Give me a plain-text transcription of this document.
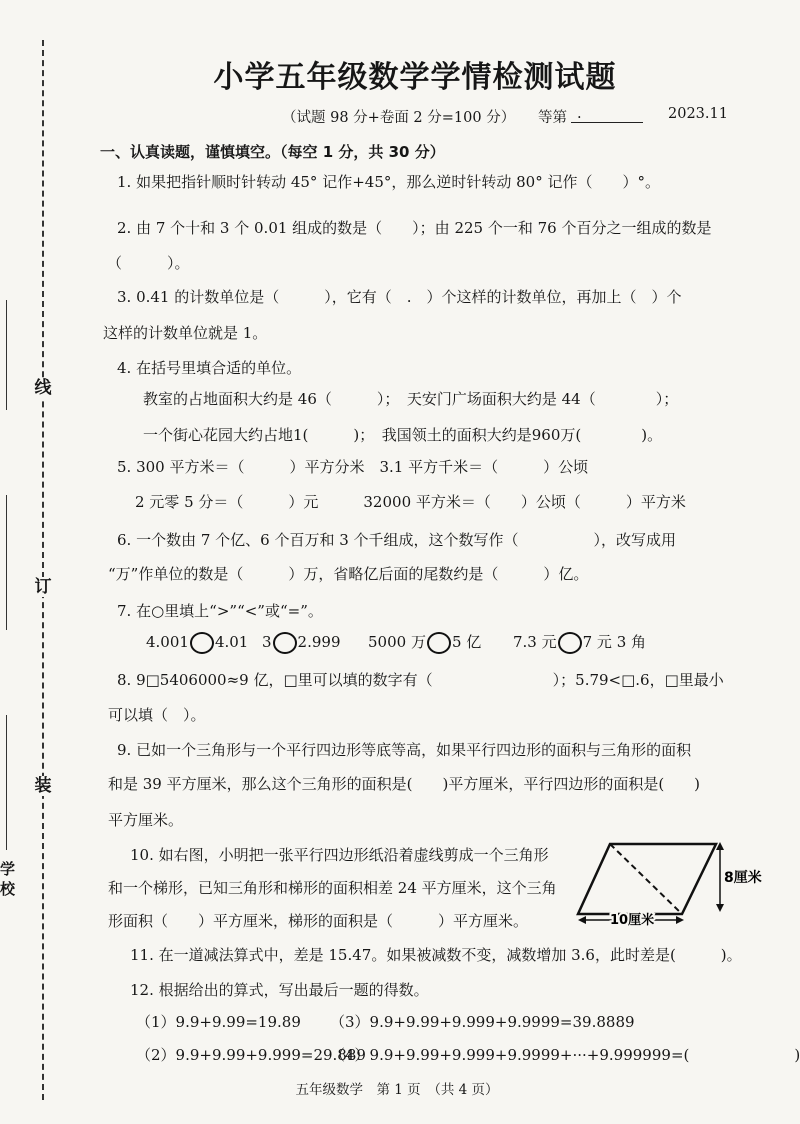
线
订
装
学
校
小学五年级数学学情检测试题
（试题 98 分+卷面 2 分=100 分） 等第 .	2023.11
一、认真读题，谨慎填空。（每空 1 分，共 30 分）
1. 如果把指针顺时针转动 45° 记作+45°，那么逆时针转动 80° 记作（　　）°。
2. 由 7 个十和 3 个 0.01 组成的数是（　　）；由 225 个一和 76 个百分之一组成的数是
（　　　）。
3. 0.41 的计数单位是（　　　），它有（　.　）个这样的计数单位，再加上（　）个
这样的计数单位就是 1。
4. 在括号里填合适的单位。
教室的占地面积大约是 46（　　　）；　天安门广场面积大约是 44（　　　　）；
一个街心花园大约占地1(　　　)；　我国领土的面积大约是960万(　　　　)。
5. 300 平方米＝（　　　）平方分米　3.1 平方千米＝（　　　）公顷
2 元零 5 分＝（　　　）元　　　32000 平方米＝（　　）公顷（　　　）平方米
6. 一个数由 7 个亿、6 个百万和 3 个千组成，这个数写作（　　　　　），改写成用
“万”作单位的数是（　　　）万，省略亿后面的尾数约是（　　　）亿。
7. 在○里填上“>”“<”或“=”。
4.001 4.01 3 2.999 5000 万 5 亿 7.3 元 7 元 3 角
8. 9□5406000≈9 亿，□里可以填的数字有（　　　　　　　　）；5.79<□.6，□里最小
可以填（　）。
9. 已如一个三角形与一个平行四边形等底等高，如果平行四边形的面积与三角形的面积
和是 39 平方厘米，那么这个三角形的面积是(　　)平方厘米，平行四边形的面积是(　　)
平方厘米。
10. 如右图，小明把一张平行四边形纸沿着虚线剪成一个三角形
和一个梯形，已知三角形和梯形的面积相差 24 平方厘米，这个三角
形面积（　　）平方厘米，梯形的面积是（　　　）平方厘米。
8厘米
10厘米
11. 在一道减法算式中，差是 15.47。如果被减数不变，减数增加 3.6，此时差是(　　　)。
12. 根据给出的算式，写出最后一题的得数。
（1）9.9+9.99=19.89 （3）9.9+9.99+9.999+9.9999=39.8889
（2）9.9+9.99+9.999=29.889
（4）9.9+9.99+9.999+9.9999+···+9.999999=(　　　　　　　)
五年级数学　第 1 页　（共 4 页）
